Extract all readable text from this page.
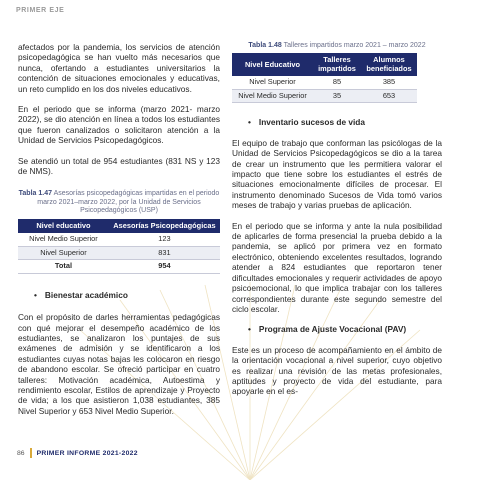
PRIMER EJE

afectados por la pandemia, los servicios de atención psicopedagógica se han vuelto más necesarios que nunca, ofertando a estudiantes universitarios la contención de situaciones emocionales y educativas, un reto cumplido en los dos niveles educativos.

En el periodo que se informa (marzo 2021- marzo 2022), se dio atención en línea a todos los estudiantes que fueron canalizados o solicitaron atención a la Unidad de Servicios Psicopedagógicos.

Se atendió un total de 954 estudiantes (831 NS y 123 de NMS).

Tabla 1.47 Asesorías psicopedagógicas impartidas en el periodo marzo 2021–marzo 2022, por la Unidad de Servicios Psicopedagógicos (USP)
Nivel educativo	Asesorías Psicopedagógicas
Nivel Medio Superior	123
Nivel Superior	831
Total	954
• Bienestar académico

Con el propósito de darles herramientas pedagógicas con qué mejorar el desempeño académico de los estudiantes, se analizaron los puntajes de sus exámenes de admisión y se identificaron a los estudiantes cuyas notas bajas les colocaron en riesgo de abandono escolar. Se ofreció participar en cuatro talleres: Motivación académica, Autoestima y rendimiento escolar, Estilos de aprendizaje y Proyecto de vida; a los que asistieron 1,038 estudiantes, 385 Nivel Superior y 653 Nivel Medio Superior.

Tabla 1.48 Talleres impartidos marzo 2021 – marzo 2022
Nivel Educativo	Talleres impartidos	Alumnos beneficiados
Nivel Superior	85	385
Nivel Medio Superior	35	653
• Inventario sucesos de vida

El equipo de trabajo que conforman las psicólogas de la Unidad de Servicios Psicopedagógicos se dio a la tarea de crear un instrumento que les permitiera valorar el impacto que tiene sobre los estudiantes el estrés de situaciones emocionalmente difíciles de procesar. El instrumento denominado Sucesos de Vida tomó varios meses de trabajo y varias pruebas de aplicación.

En el periodo que se informa y ante la nula posibilidad de aplicarles de forma presencial la prueba debido a la pandemia, se aplicó por primera vez en formato electrónico, obteniendo excelentes resultados, logrando atender a 824 estudiantes que reportaron tener dificultades emocionales y requerir actividades de apoyo psicoemocional, lo que implica trabajar con los talleres correspondientes durante este segundo semestre del ciclo escolar.

• Programa de Ajuste Vocacional (PAV)

Este es un proceso de acompañamiento en el ámbito de la orientación vocacional a nivel superior, cuyo objetivo es realizar una revisión de las metas profesionales, aptitudes y proyecto de vida del estudiante, para apoyarle en el es-

86 PRIMER INFORME 2021-2022
